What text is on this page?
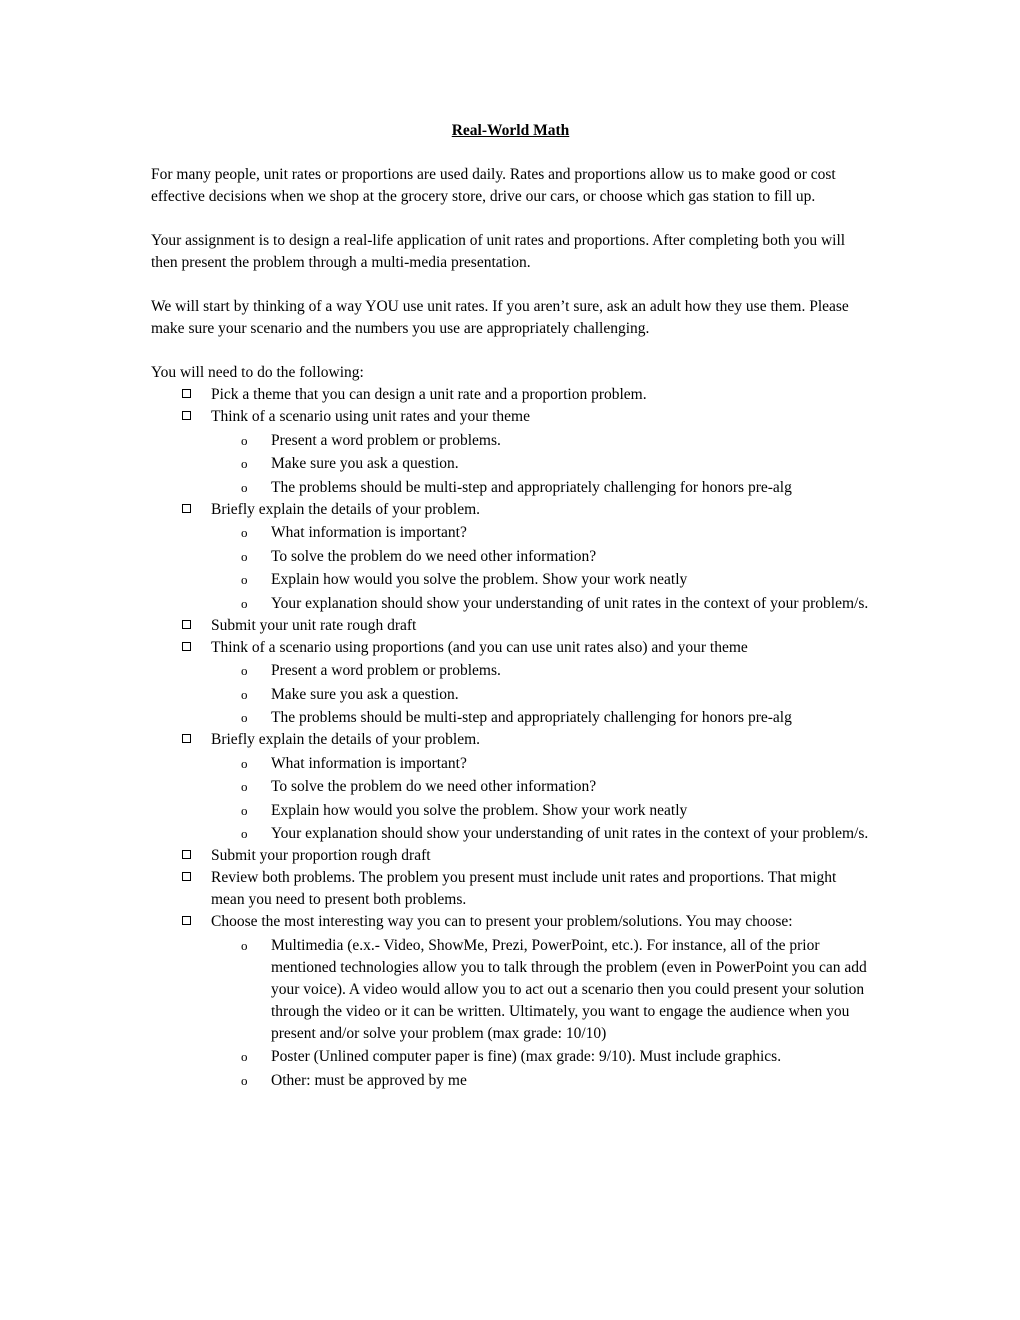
Real-World Math

For many people, unit rates or proportions are used daily. Rates and proportions allow us to make good or cost effective decisions when we shop at the grocery store, drive our cars, or choose which gas station to fill up.

Your assignment is to design a real-life application of unit rates and proportions. After completing both you will then present the problem through a multi-media presentation.

We will start by thinking of a way YOU use unit rates. If you aren’t sure, ask an adult how they use them. Please make sure your scenario and the numbers you use are appropriately challenging.

You will need to do the following:

Pick a theme that you can design a unit rate and a proportion problem.
Think of a scenario using unit rates and your theme
o Present a word problem or problems.
o Make sure you ask a question.
o The problems should be multi-step and appropriately challenging for honors pre-alg
Briefly explain the details of your problem.
o What information is important?
o To solve the problem do we need other information?
o Explain how would you solve the problem. Show your work neatly
o Your explanation should show your understanding of unit rates in the context of your problem/s.
Submit your unit rate rough draft
Think of a scenario using proportions (and you can use unit rates also) and your theme
o Present a word problem or problems.
o Make sure you ask a question.
o The problems should be multi-step and appropriately challenging for honors pre-alg
Briefly explain the details of your problem.
o What information is important?
o To solve the problem do we need other information?
o Explain how would you solve the problem. Show your work neatly
o Your explanation should show your understanding of unit rates in the context of your problem/s.
Submit your proportion rough draft
Review both problems. The problem you present must include unit rates and proportions. That might mean you need to present both problems.
Choose the most interesting way you can to present your problem/solutions. You may choose:
o Multimedia (e.x.- Video, ShowMe, Prezi, PowerPoint, etc.). For instance, all of the prior mentioned technologies allow you to talk through the problem (even in PowerPoint you can add your voice). A video would allow you to act out a scenario then you could present your solution through the video or it can be written. Ultimately, you want to engage the audience when you present and/or solve your problem (max grade: 10/10)
o Poster (Unlined computer paper is fine) (max grade: 9/10). Must include graphics.
o Other: must be approved by me
